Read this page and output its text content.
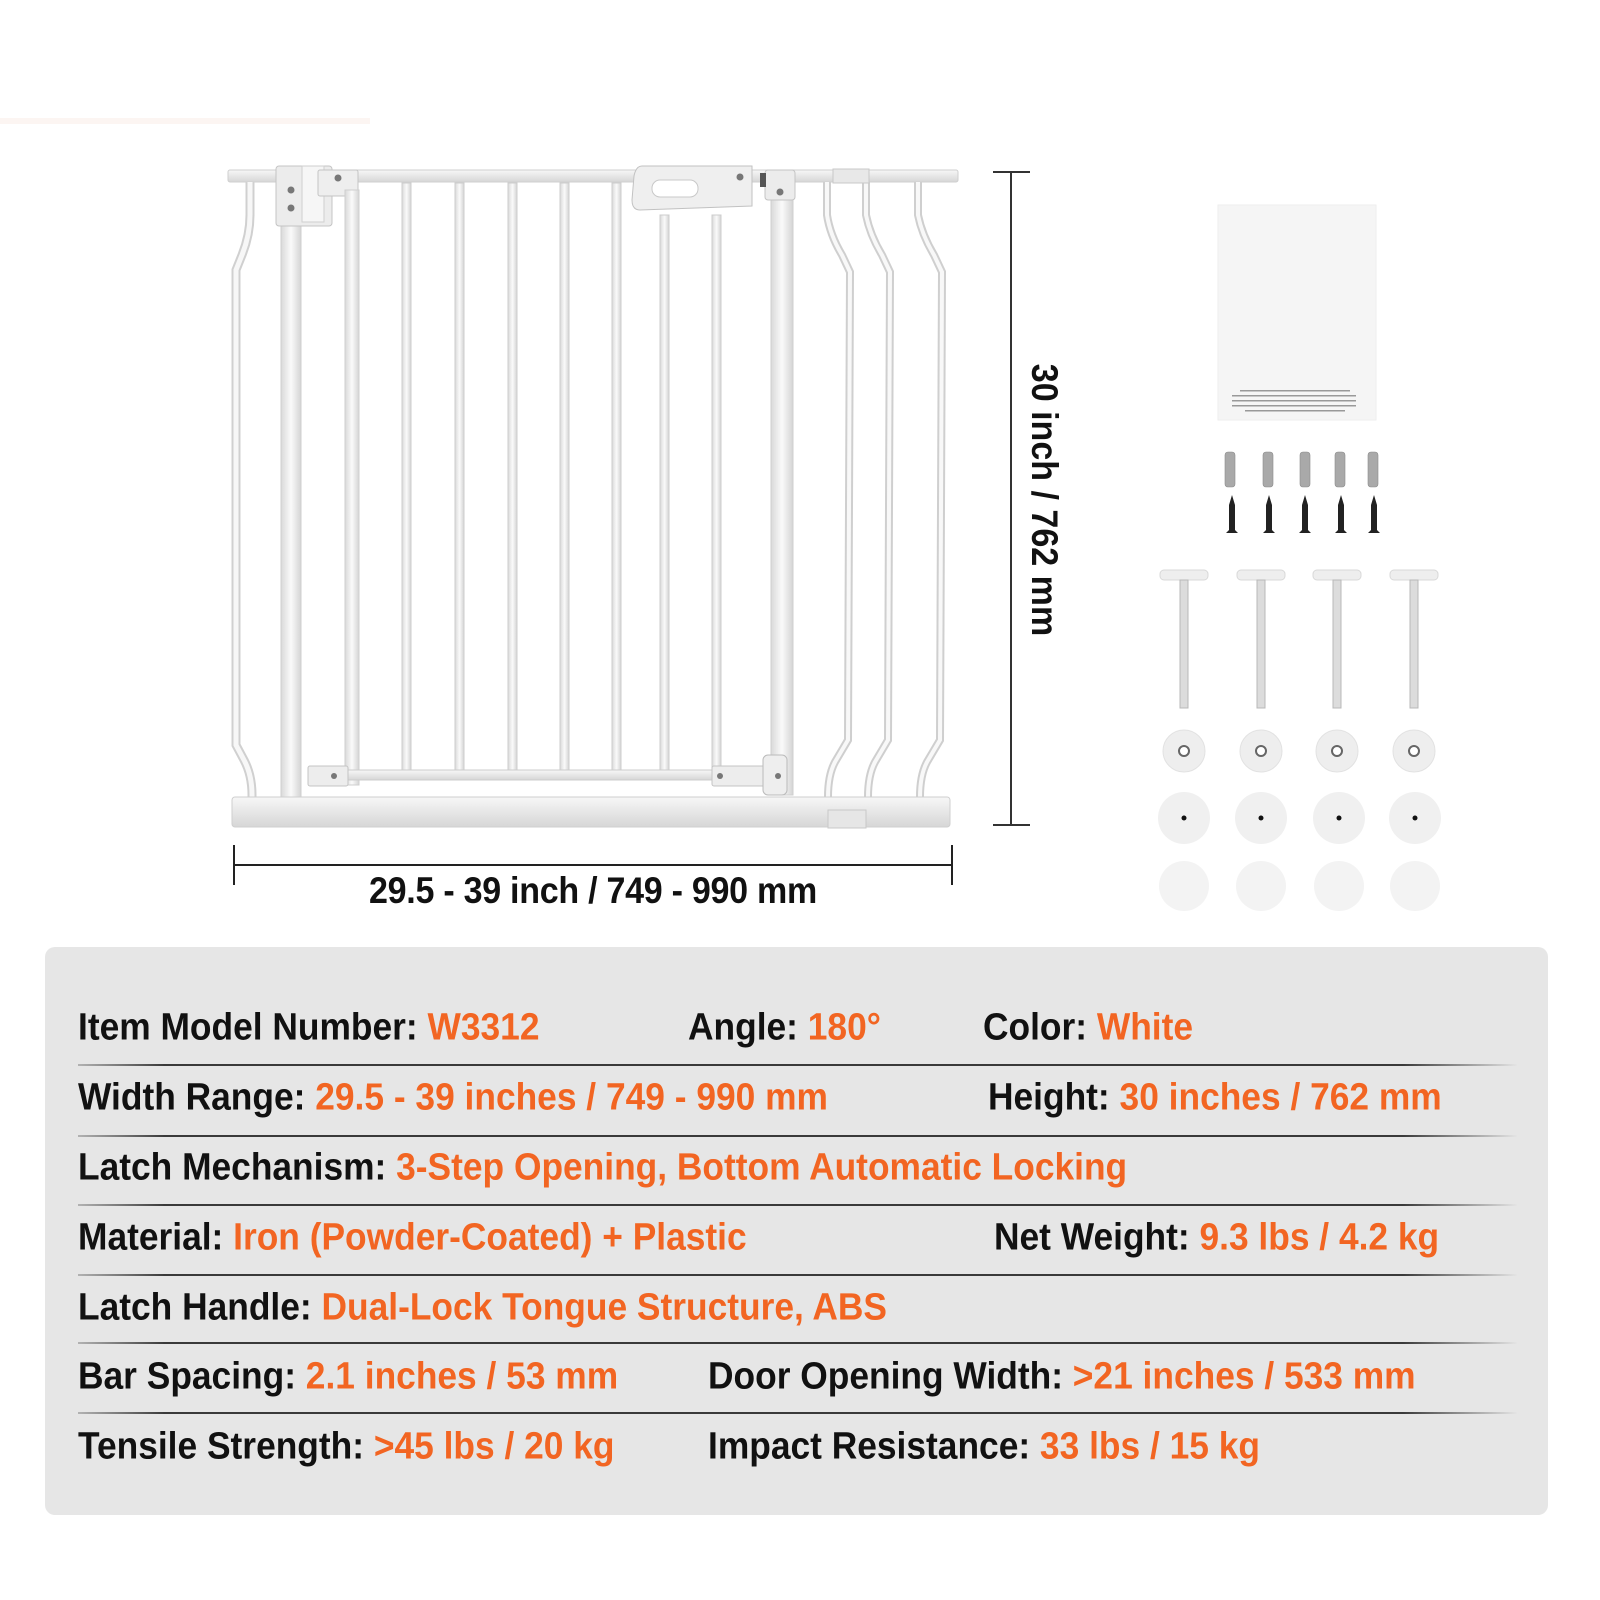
29.5 - 39 inch / 749 - 990 mm
30 inch / 762 mm
Item Model Number: W3312	Angle: 180°	Color: White
Width Range: 29.5 - 39 inches / 749 - 990 mm	Height: 30 inches / 762 mm
Latch Mechanism: 3-Step Opening, Bottom Automatic Locking
Material: Iron (Powder-Coated) + Plastic	Net Weight: 9.3 lbs / 4.2 kg
Latch Handle: Dual-Lock Tongue Structure, ABS
Bar Spacing: 2.1 inches / 53 mm Door Opening Width: >21 inches / 533 mm
Tensile Strength: >45 lbs / 20 kg Impact Resistance: 33 lbs / 15 kg
